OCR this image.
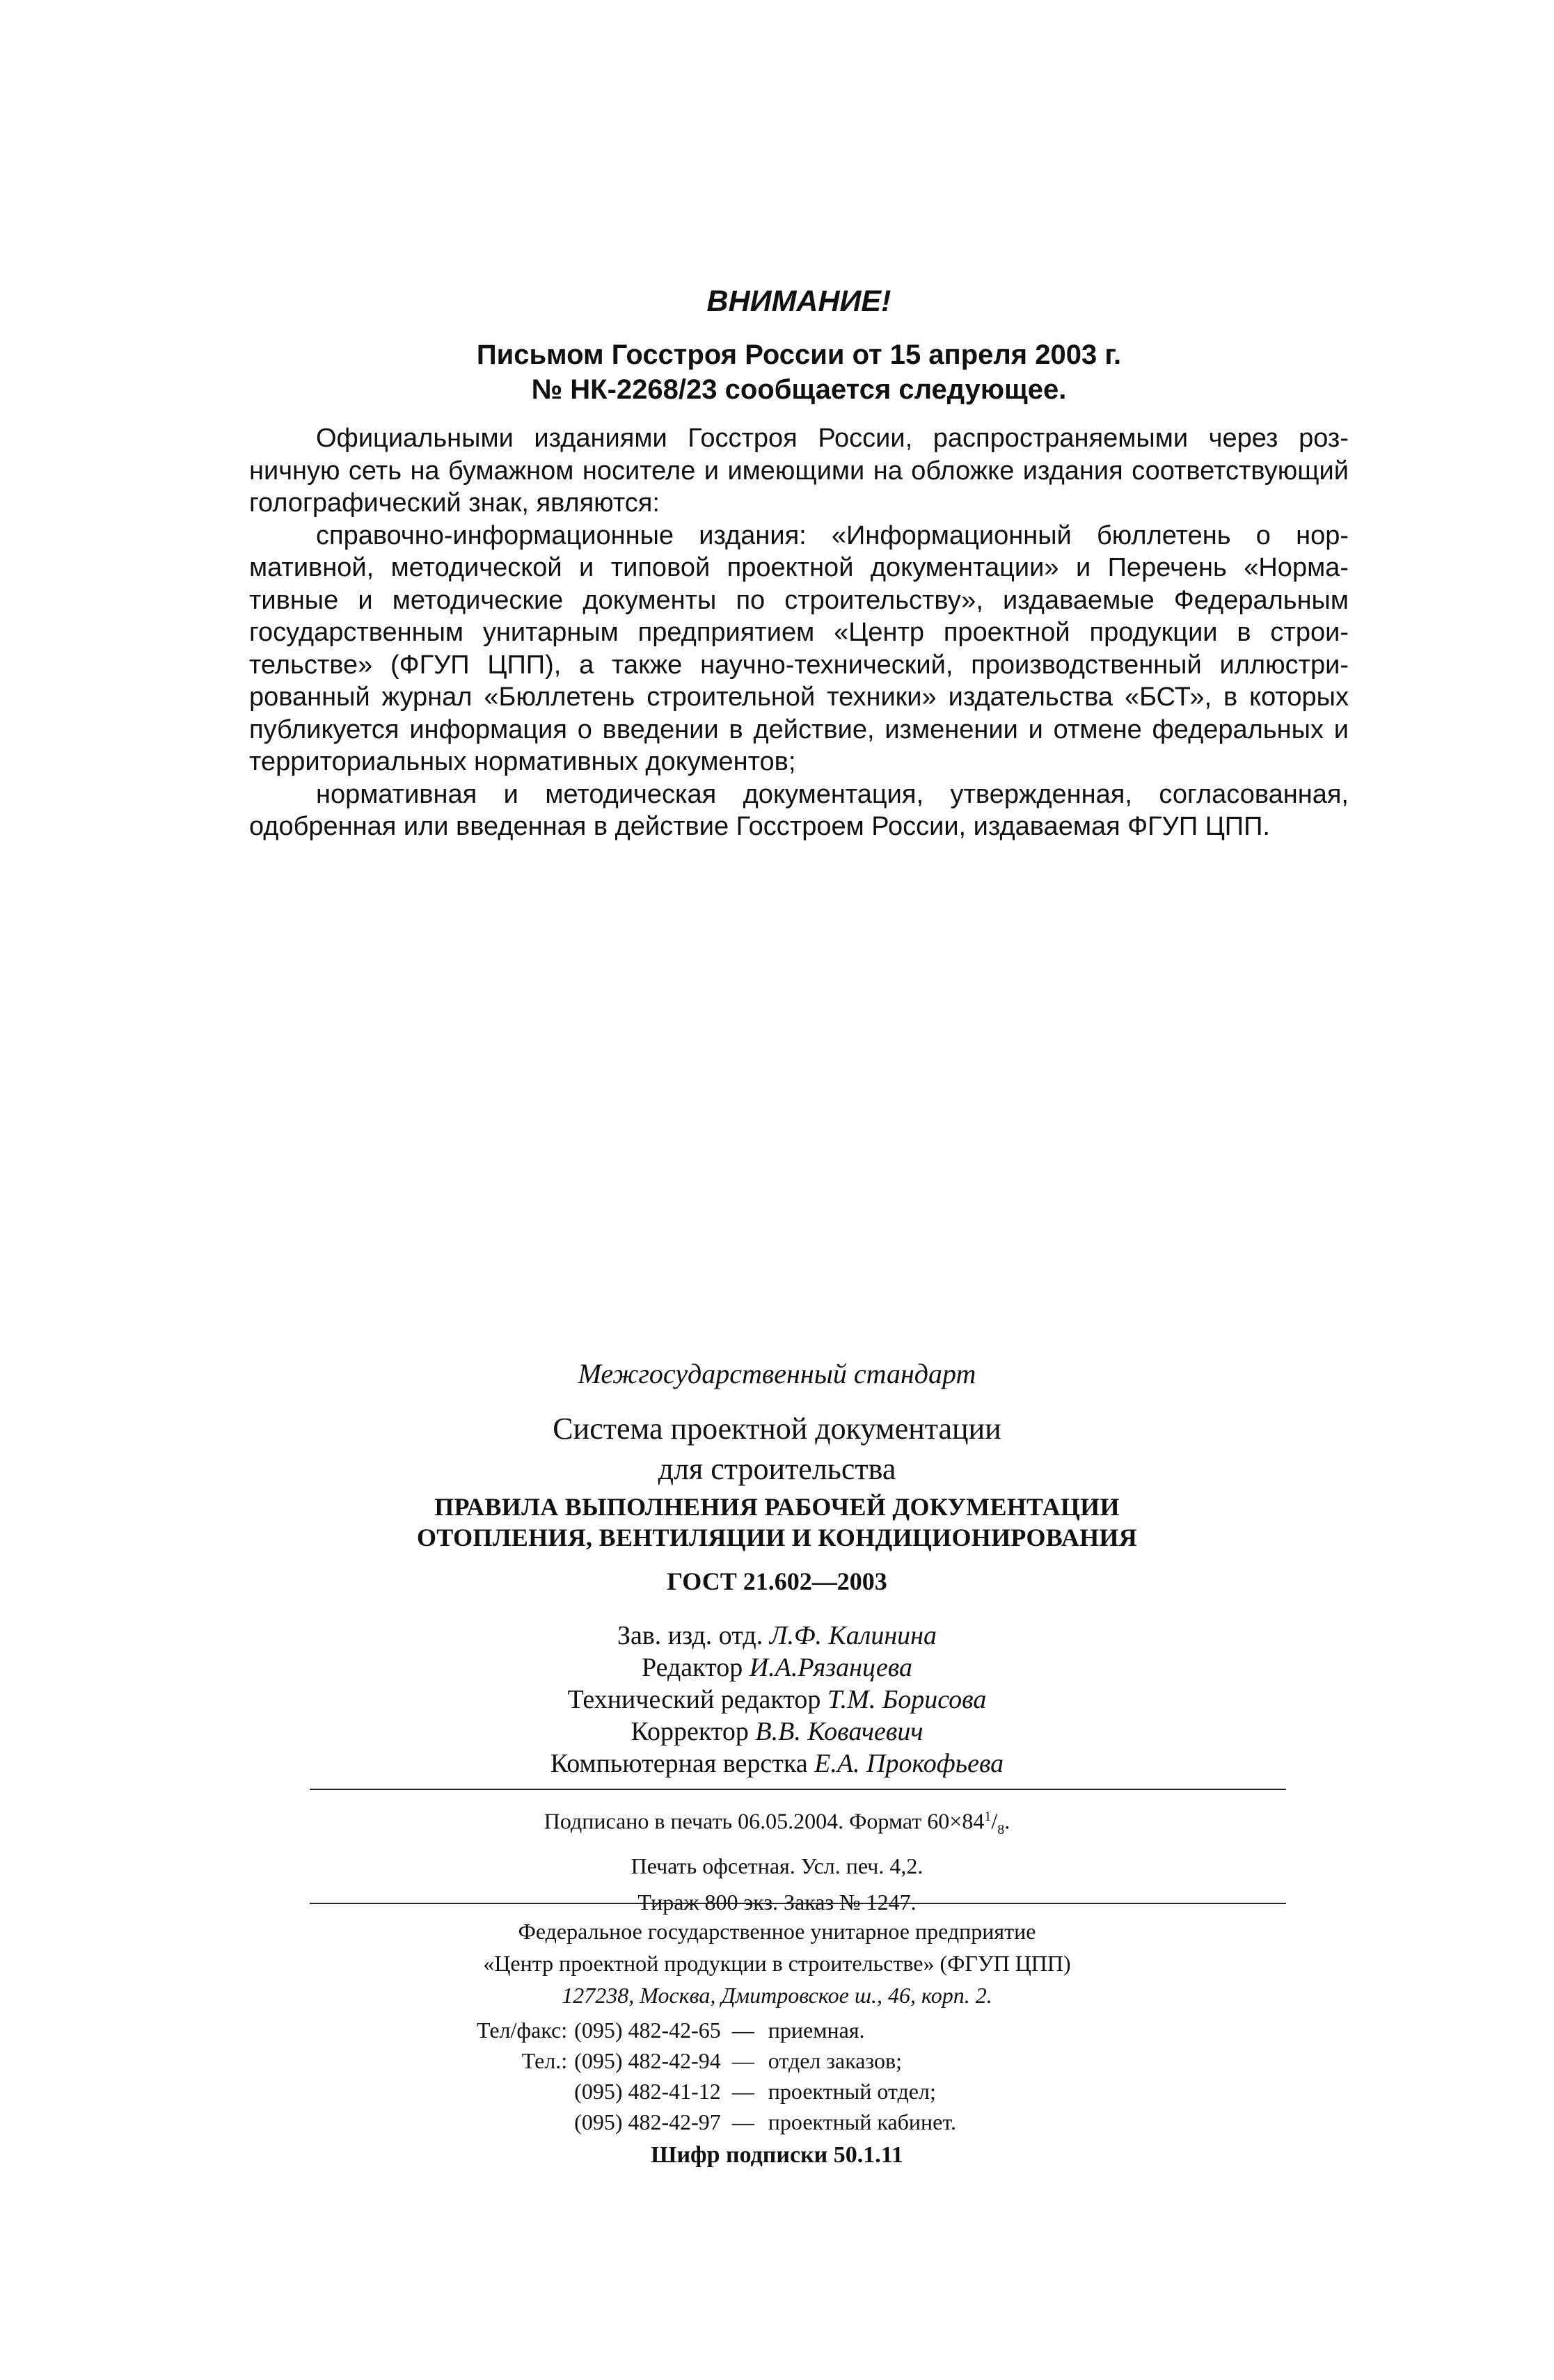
ВНИМАНИЕ!
Письмом Госстроя России от 15 апреля 2003 г.
№ НК-2268/23 сообщается следующее.

Официальными изданиями Госстроя России, распространяемыми через розничную сеть на бумажном носителе и имеющими на обложке издания соответствующий голографический знак, являются:

справочно-информационные издания: «Информационный бюллетень о нормативной, методической и типовой проектной документации» и Перечень «Нормативные и методические документы по строительству», издаваемые Федеральным государственным унитарным предприятием «Центр проектной продукции в строительстве» (ФГУП ЦПП), а также научно-технический, производственный иллюстрированный журнал «Бюллетень строительной техники» издательства «БСТ», в которых публикуется информация о введении в действие, изменении и отмене федеральных и территориальных нормативных документов;

нормативная и методическая документация, утвержденная, согласованная, одобренная или введенная в действие Госстроем России, издаваемая ФГУП ЦПП.

Межгосударственный стандарт
Система проектной документации
для строительства
ПРАВИЛА ВЫПОЛНЕНИЯ РАБОЧЕЙ ДОКУМЕНТАЦИИ
ОТОПЛЕНИЯ, ВЕНТИЛЯЦИИ И КОНДИЦИОНИРОВАНИЯ
ГОСТ 21.602—2003
Зав. изд. отд. Л.Ф. Калинина
Редактор И.А.Рязанцева
Технический редактор Т.М. Борисова
Корректор В.В. Ковачевич
Компьютерная верстка Е.А. Прокофьева
Подписано в печать 06.05.2004. Формат $60\times 84^1/_8$.
Печать офсетная. Усл. печ. 4,2.
Тираж 800 экз. Заказ № 1247.
Федеральное государственное унитарное предприятие
«Центр проектной продукции в строительстве» (ФГУП ЦПП)
127238, Москва, Дмитровское ш., 46, корп. 2.
Тел/факс:	(095) 482-42-65	—	приемная.
Тел.:	(095) 482-42-94	—	отдел заказов;
	(095) 482-41-12	—	проектный отдел;
	(095) 482-42-97	—	проектный кабинет.
Шифр подписки 50.1.11
